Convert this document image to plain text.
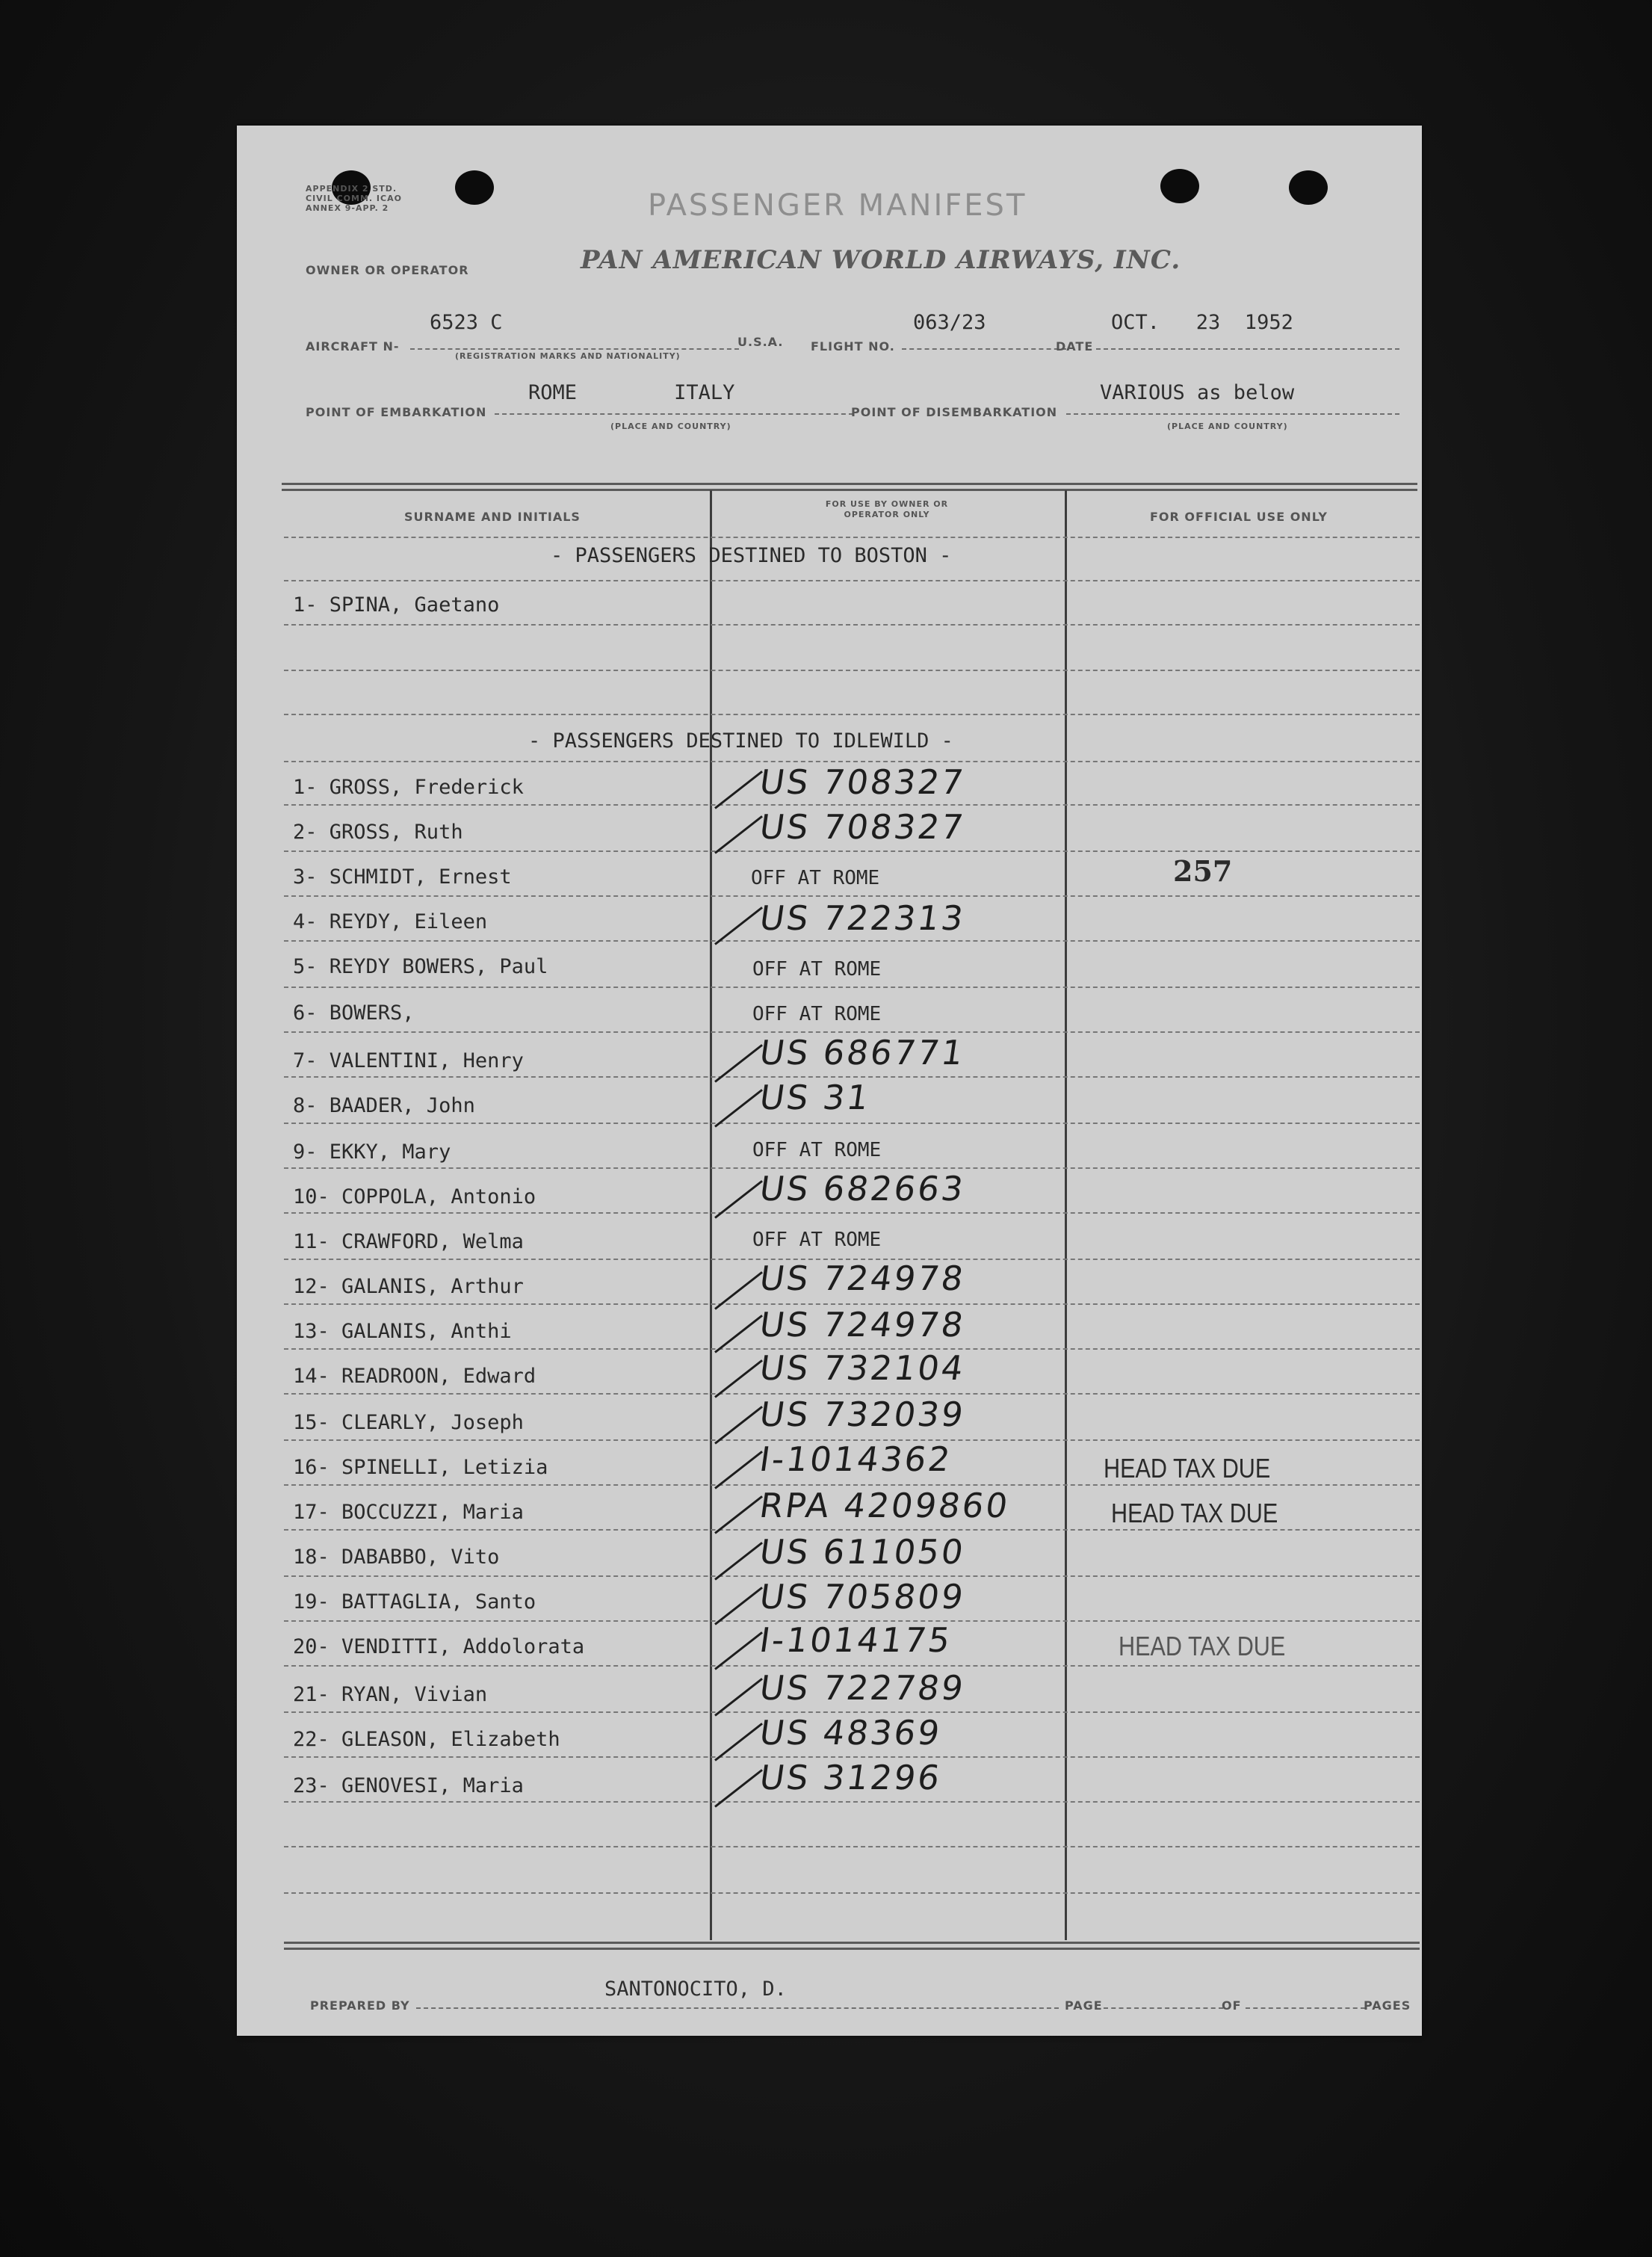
APPENDIX 2 STD. CIVIL COMM. ICAO ANNEX 9-APP. 2	PASSENGER MANIFEST
OWNER OR OPERATOR	PAN AMERICAN WORLD AIRWAYS, INC.
AIRCRAFT N-
6523 C
(REGISTRATION MARKS AND NATIONALITY)
U.S.A. FLIGHT NO.
063/23
DATE
OCT.   23  1952
POINT OF EMBARKATION
ROME        ITALY
(PLACE AND COUNTRY)
POINT OF DISEMBARKATION
VARIOUS as below
(PLACE AND COUNTRY)
SURNAME AND INITIALS
FOR USE BY OWNER OR OPERATOR ONLY	FOR OFFICIAL USE ONLY
- PASSENGERS DESTINED TO BOSTON -
1- SPINA, Gaetano
- PASSENGERS DESTINED TO IDLEWILD -
1- GROSS, Frederick	US 708327
2- GROSS, Ruth	US 708327
3- SCHMIDT, Ernest	OFF AT ROME	257
4- REYDY, Eileen	US 722313
5- REYDY BOWERS, Paul	OFF AT ROME
6- BOWERS,	OFF AT ROME
7- VALENTINI, Henry	US 686771
8- BAADER, John	US 31
9- EKKY, Mary	OFF AT ROME
10- COPPOLA, Antonio	US 682663
11- CRAWFORD, Welma	OFF AT ROME
12- GALANIS, Arthur	US 724978
13- GALANIS, Anthi	US 724978
14- READROON, Edward	US 732104
15- CLEARLY, Joseph	US 732039
16- SPINELLI, Letizia	I-1014362	HEAD TAX DUE
17- BOCCUZZI, Maria	RPA 4209860	HEAD TAX DUE
18- DABABBO, Vito	US 611050
19- BATTAGLIA, Santo	US 705809
20- VENDITTI, Addolorata	I-1014175	HEAD TAX DUE
21- RYAN, Vivian	US 722789
22- GLEASON, Elizabeth	US 48369
23- GENOVESI, Maria	US 31296
PREPARED BY
SANTONOCITO, D.
PAGE	OF	PAGES
